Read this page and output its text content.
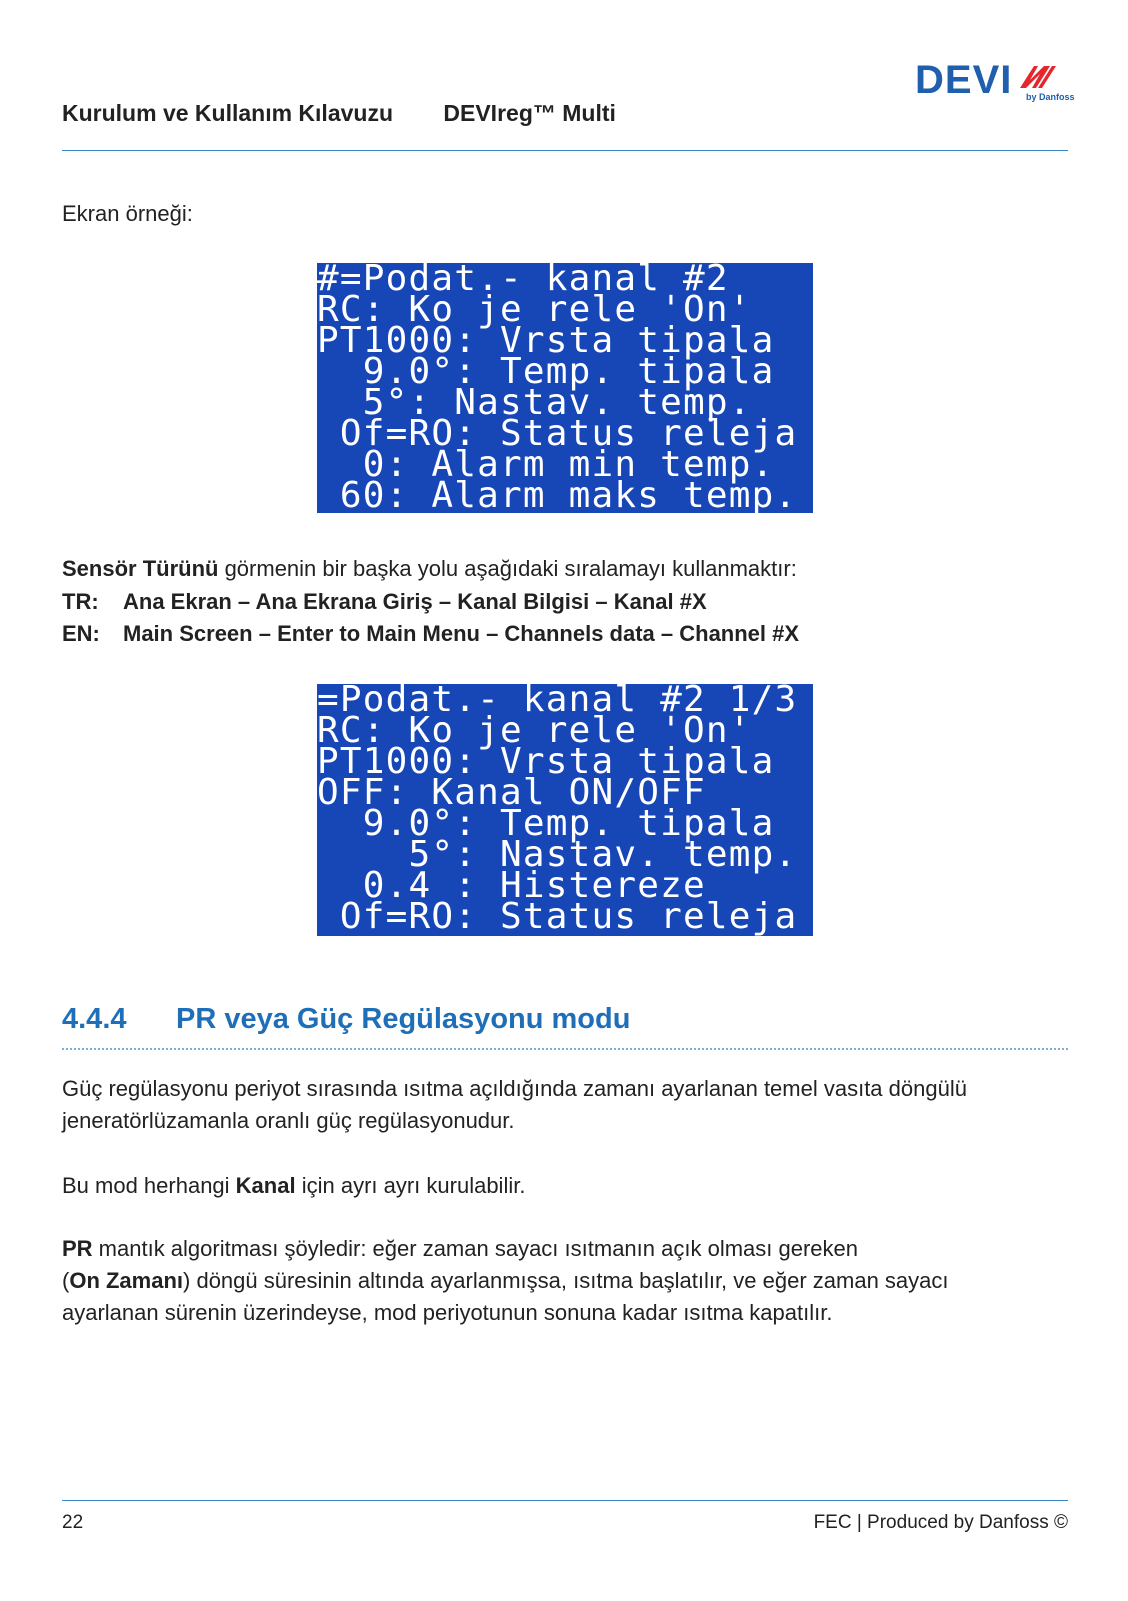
DEVI by Danfoss
Kurulum ve Kullanım Kılavuzu DEVIreg™ Multi
Ekran örneği:
#=Podat.- kanal #2
RC: Ko je rele 'On'
PT1000: Vrsta tipala
9.0°: Temp. tipala
5°: Nastav. temp.
Of=RO: Status releja
0: Alarm min temp.
60: Alarm maks temp.
Sensör Türünü görmenin bir başka yolu aşağıdaki sıralamayı kullanmaktır:
TR: Ana Ekran – Ana Ekrana Giriş – Kanal Bilgisi – Kanal #X
EN: Main Screen – Enter to Main Menu – Channels data – Channel #X
=Podat.- kanal #2 1/3
RC: Ko je rele 'On'
PT1000: Vrsta tipala
OFF: Kanal ON/OFF
9.0°: Temp. tipala
5°: Nastav. temp.
0.4 : Histereze
Of=RO: Status releja
4.4.4 PR veya Güç Regülasyonu modu
Güç regülasyonu periyot sırasında ısıtma açıldığında zamanı ayarlanan temel vasıta döngülü
jeneratörlüzamanla oranlı güç regülasyonudur.
Bu mod herhangi Kanal için ayrı ayrı kurulabilir.
PR mantık algoritması şöyledir: eğer zaman sayacı ısıtmanın açık olması gereken
(On Zamanı) döngü süresinin altında ayarlanmışsa, ısıtma başlatılır, ve eğer zaman sayacı
ayarlanan sürenin üzerindeyse, mod periyotunun sonuna kadar ısıtma kapatılır.
22	FEC | Produced by Danfoss ©
